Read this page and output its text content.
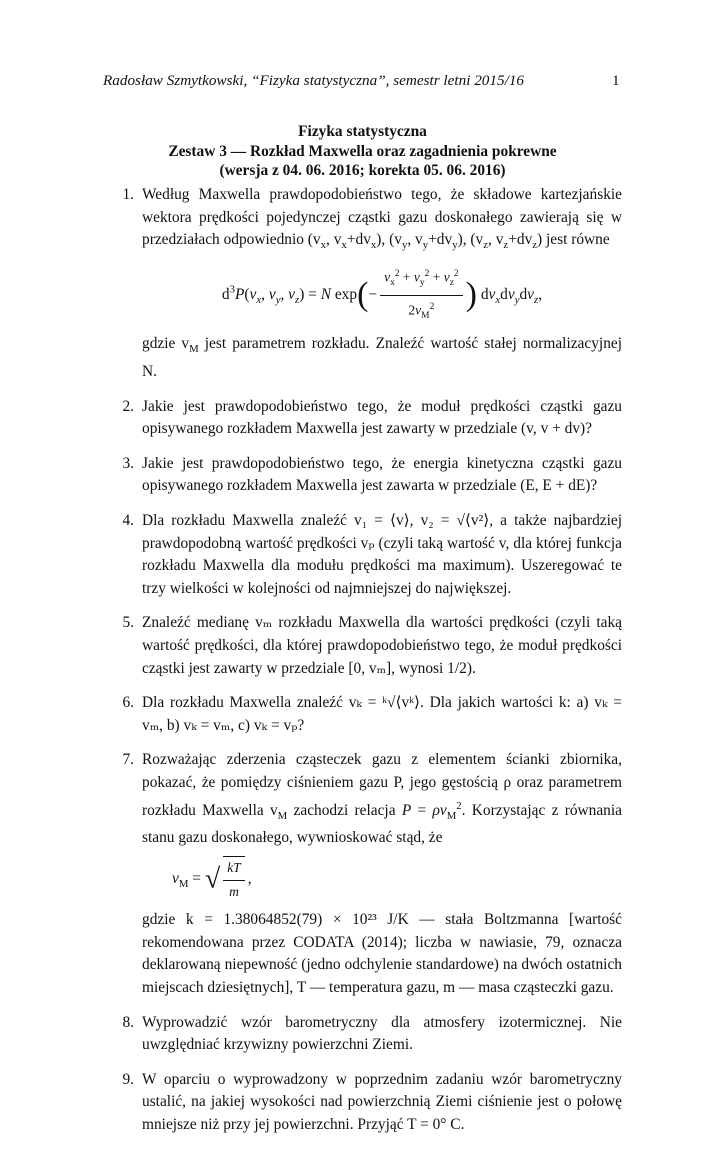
Radosław Szmytkowski, “Fizyka statystyczna”, semestr letni 2015/16	1
Fizyka statystyczna
Zestaw 3 — Rozkład Maxwella oraz zagadnienia pokrewne
(wersja z 04. 06. 2016; korekta 05. 06. 2016)
1. Według Maxwella prawdopodobieństwo tego, że składowe kartezjańskie wektora prędkości pojedynczej cząstki gazu doskonałego zawierają się w przedziałach odpowiednio ($v_x$, $v_x+dv_x$), ($v_y$, $v_y+dv_y$), ($v_z$, $v_z+dv_z$) jest równe

$d^3P(v_x$, $v_y$, $v_z) = N$ $\exp(- \frac{v_x^2 + v_y^2 + v_z^2}{2v_M^2}$ ) $dv_xdv_ydv_z$,

gdzie $v_M$ jest parametrem rozkładu. Znaleźć wartość stałej normalizacyjnej N.

2. Jakie jest prawdopodobieństwo tego, że moduł prędkości cząstki gazu opisywanego rozkładem Maxwella jest zawarty w przedziale (v, v + dv)?
3. Jakie jest prawdopodobieństwo tego, że energia kinetyczna cząstki gazu opisywanego rozkładem Maxwella jest zawarta w przedziale (E, E + dE)?
4. Dla rozkładu Maxwella znaleźć v₁ = ⟨v⟩, v₂ = √⟨v²⟩, a także najbardziej prawdopodobną wartość prędkości vₚ (czyli taką wartość v, dla której funkcja rozkładu Maxwella dla modułu prędkości ma maximum). Uszeregować te trzy wielkości w kolejności od najmniejszej do największej.
5. Znaleźć medianę vₘ rozkładu Maxwella dla wartości prędkości (czyli taką wartość prędkości, dla której prawdopodobieństwo tego, że moduł prędkości cząstki jest zawarty w przedziale [0, vₘ], wynosi 1/2).
6. Dla rozkładu Maxwella znaleźć vₖ = ᵏ√⟨vᵏ⟩. Dla jakich wartości k: a) vₖ = vₘ, b) vₖ = vₘ, c) vₖ = vₚ?
7. Rozważając zderzenia cząsteczek gazu z elementem ścianki zbiornika, pokazać, że pomiędzy ciśnieniem gazu P, jego gęstością ρ oraz parametrem rozkładu Maxwella $v_M$ zachodzi relacja $P = \rho v_M^2$. Korzystając z równania stanu gazu doskonałego, wywnioskować stąd, że

$v_M$ = √ $\frac{kT}{m}$ ,

gdzie k = 1.38064852(79) × 10²³ J/K — stała Boltzmanna [wartość rekomendowana przez CODATA (2014); liczba w nawiasie, 79, oznacza deklarowaną niepewność (jedno odchylenie standardowe) na dwóch ostatnich miejscach dziesiętnych], T — temperatura gazu, m — masa cząsteczki gazu.

8. Wyprowadzić wzór barometryczny dla atmosfery izotermicznej. Nie uwzględniać krzywizny powierzchni Ziemi.
9. W oparciu o wyprowadzony w poprzednim zadaniu wzór barometryczny ustalić, na jakiej wysokości nad powierzchnią Ziemi ciśnienie jest o połowę mniejsze niż przy jej powierzchni. Przyjąć T = 0° C.
